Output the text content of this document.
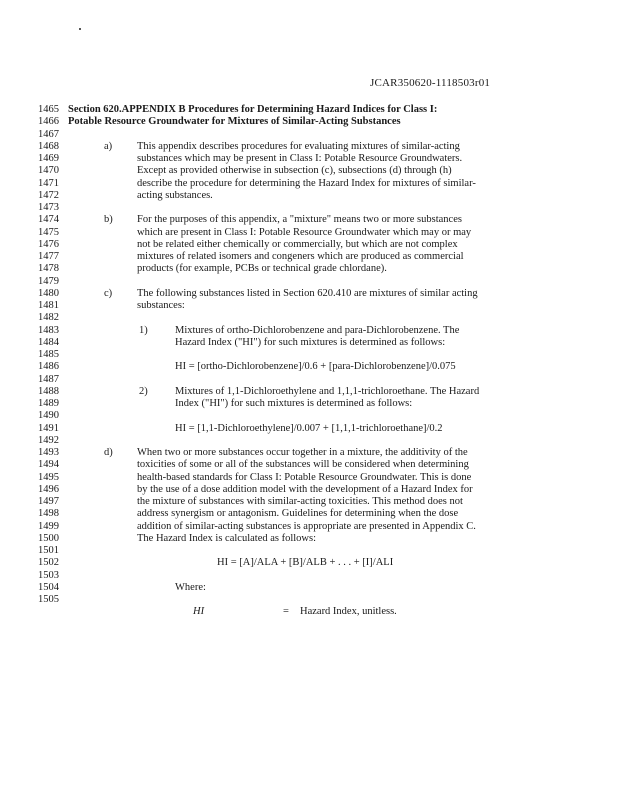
JCAR350620-1118503r01
1465 Section 620.APPENDIX B Procedures for Determining Hazard Indices for Class I:
1466 Potable Resource Groundwater for Mixtures of Similar-Acting Substances
1467
1468	a) This appendix describes procedures for evaluating mixtures of similar-acting
1469	substances which may be present in Class I: Potable Resource Groundwaters.
1470	Except as provided otherwise in subsection (c), subsections (d) through (h)
1471	describe the procedure for determining the Hazard Index for mixtures of similar-
1472	acting substances.
1473
1474	b) For the purposes of this appendix, a "mixture" means two or more substances
1475	which are present in Class I: Potable Resource Groundwater which may or may
1476	not be related either chemically or commercially, but which are not complex
1477	mixtures of related isomers and congeners which are produced as commercial
1478	products (for example, PCBs or technical grade chlordane).
1479
1480	c) The following substances listed in Section 620.410 are mixtures of similar acting
1481	substances:
1482
1483	1)	Mixtures of ortho-Dichlorobenzene and para-Dichlorobenzene. The
1484	Hazard Index ("HI") for such mixtures is determined as follows:
1485
1486	HI = [ortho-Dichlorobenzene]/0.6 + [para-Dichlorobenzene]/0.075
1487
1488	2)	Mixtures of 1,1-Dichloroethylene and 1,1,1-trichloroethane. The Hazard
1489	Index ("HI") for such mixtures is determined as follows:
1490
1491	HI = [1,1-Dichloroethylene]/0.007 + [1,1,1-trichloroethane]/0.2
1492
1493	d) When two or more substances occur together in a mixture, the additivity of the
1494	toxicities of some or all of the substances will be considered when determining
1495	health-based standards for Class I: Potable Resource Groundwater. This is done
1496	by the use of a dose addition model with the development of a Hazard Index for
1497	the mixture of substances with similar-acting toxicities. This method does not
1498	address synergism or antagonism. Guidelines for determining when the dose
1499	addition of similar-acting substances is appropriate are presented in Appendix C.
1500	The Hazard Index is calculated as follows:
1501
1502	HI = [A]/ALA + [B]/ALB + . . . + [I]/ALI
1503
1504	Where:
1505
HI	= Hazard Index, unitless.
